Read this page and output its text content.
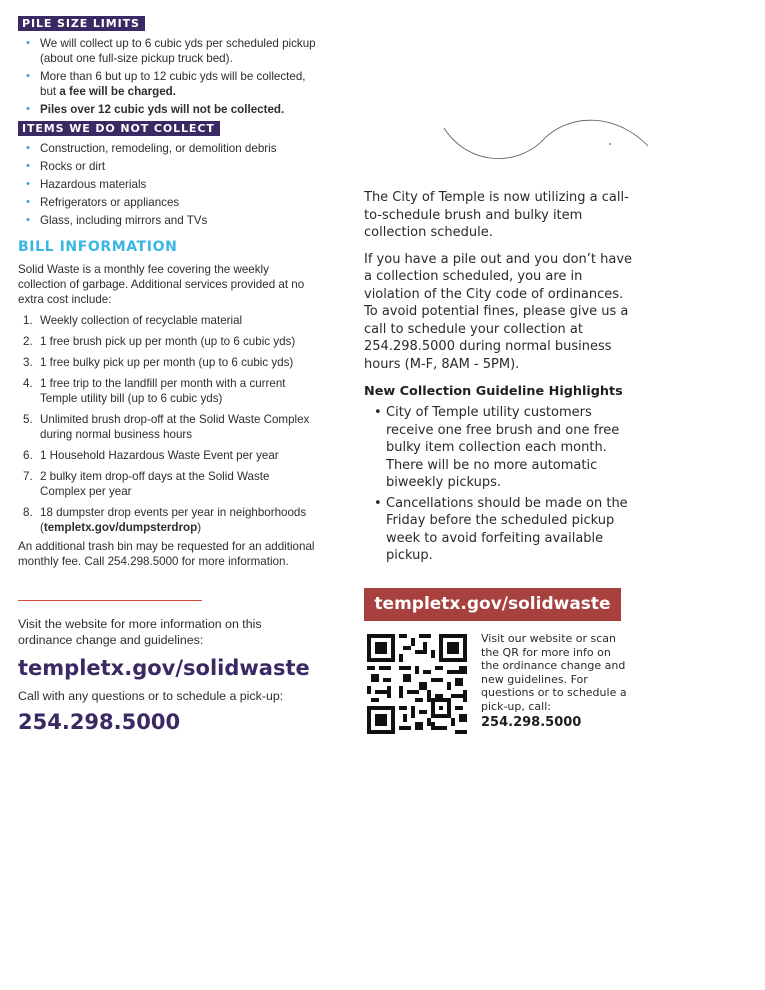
PILE SIZE LIMITS
• We will collect up to 6 cubic yds per scheduled pickup (about one full-size pickup truck bed).
• More than 6 but up to 12 cubic yds will be collected, but a fee will be charged.
• Piles over 12 cubic yds will not be collected.
ITEMS WE DO NOT COLLECT
• Construction, remodeling, or demolition debris
• Rocks or dirt
• Hazardous materials
• Refrigerators or appliances
• Glass, including mirrors and TVs
BILL INFORMATION
Solid Waste is a monthly fee covering the weekly collection of garbage. Additional services provided at no extra cost include:
1. Weekly collection of recyclable material
2. 1 free brush pick up per month (up to 6 cubic yds)
3. 1 free bulky pick up per month (up to 6 cubic yds)
4. 1 free trip to the landfill per month with a current Temple utility bill (up to 6 cubic yds)
5. Unlimited brush drop-off at the Solid Waste Complex during normal business hours
6. 1 Household Hazardous Waste Event per year
7. 2 bulky item drop-off days at the Solid Waste Complex per year
8. 18 dumpster drop events per year in neighborhoods (templetx.gov/dumpsterdrop)
An additional trash bin may be requested for an additional monthly fee. Call 254.298.5000 for more information.
Visit the website for more information on this ordinance change and guidelines:
templetx.gov/solidwaste
Call with any questions or to schedule a pick-up:
254.298.5000
The City of Temple is now utilizing a call-to-schedule brush and bulky item collection schedule.
If you have a pile out and you don’t have a collection scheduled, you are in violation of the City code of ordinances. To avoid potential fines, please give us a call to schedule your collection at 254.298.5000 during normal business hours (M-F, 8AM - 5PM).
New Collection Guideline Highlights
• City of Temple utility customers receive one free brush and one free bulky item collection each month. There will be no more automatic biweekly pickups.
• Cancellations should be made on the Friday before the scheduled pickup week to avoid forfeiting available pickup.
templetx.gov/solidwaste
Visit our website or scan the QR for more info on the ordinance change and new guidelines. For questions or to schedule a pick-up, call:
254.298.5000
